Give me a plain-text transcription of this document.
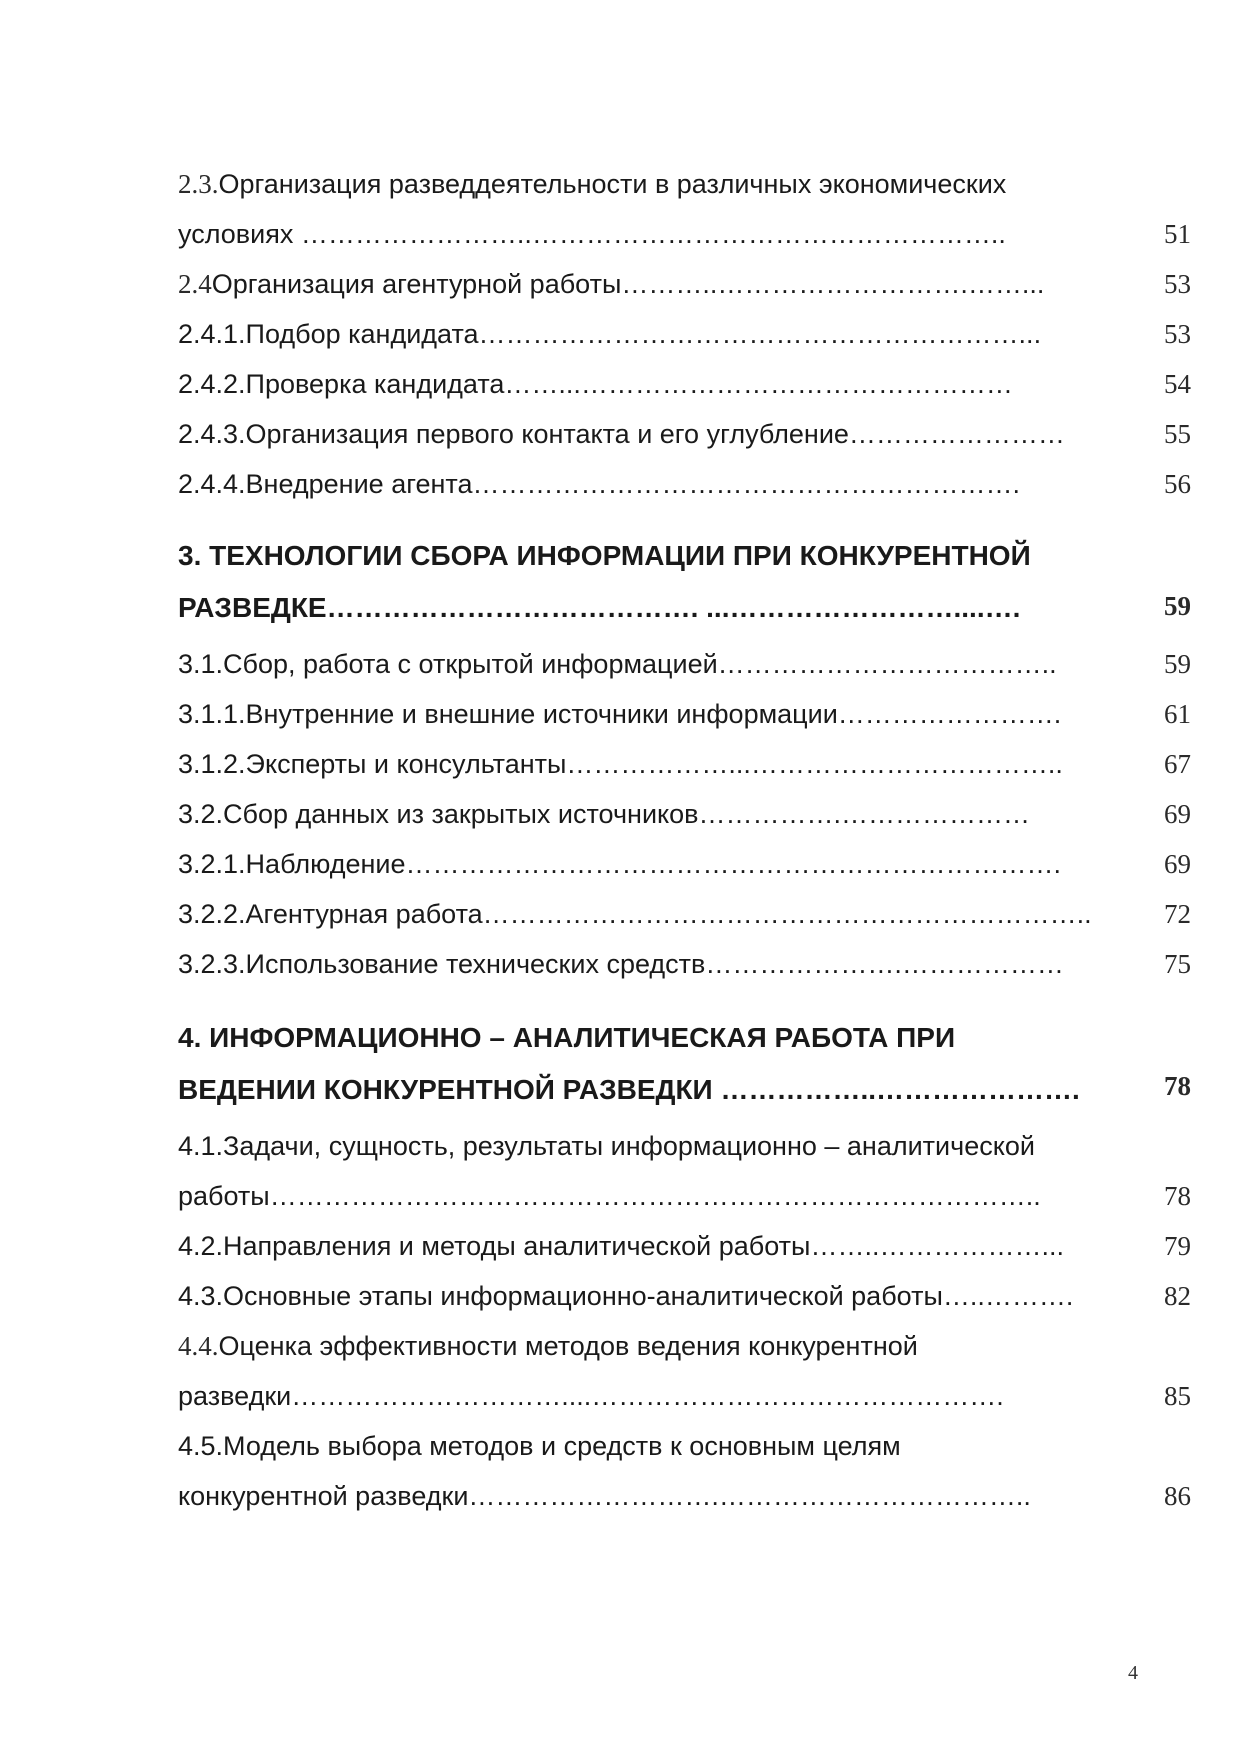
2.3.Организация разведдеятельности в различных экономических
условиях ……………………..……………………………………………..	51
2.4Организация агентурной работы………..……………………….……...	53
2.4.1.Подбор кандидата……………………………………………………...	53
2.4.2.Проверка кандидата……...…………………………………………	54
2.4.3.Организация первого контакта и его углубление……………………	55
2.4.4.Внедрение агента…………………………………………………….	56
3. ТЕХНОЛОГИИ СБОРА ИНФОРМАЦИИ ПРИ КОНКУРЕНТНОЙ
РАЗВЕДКЕ…………………………………. ...……………………....….	59
3.1.Сбор, работа с открытой информацией………………………………..	59
3.1.1.Внутренние и внешние источники информации…………………….	61
3.1.2.Эксперты и консультанты………………...……………………………..	67
3.2.Сбор данных из закрытых источников…………….…………………	69
3.2.1.Наблюдение……………………………………………………………….	69
3.2.2.Агентурная работа…………………………………………………………..	72
3.2.3.Использование технических средств………………….………………	75
4. ИНФОРМАЦИОННО – АНАЛИТИЧЕСКАЯ РАБОТА ПРИ
ВЕДЕНИИ КОНКУРЕНТНОЙ РАЗВЕДКИ ……………..………………….	78
4.1.Задачи, сущность, результаты информационно – аналитической
работы…………………………………………………………………………..	78
4.2.Направления и методы аналитической работы……..………………...	79
4.3.Основные этапы информационно-аналитической работы…..……….	82
4.4.Оценка эффективности методов ведения конкурентной
разведки…………………………....……………………………………….	85
4.5.Модель выбора методов и средств к основным целям
конкурентной разведки……………………….……………………………..	86
4
